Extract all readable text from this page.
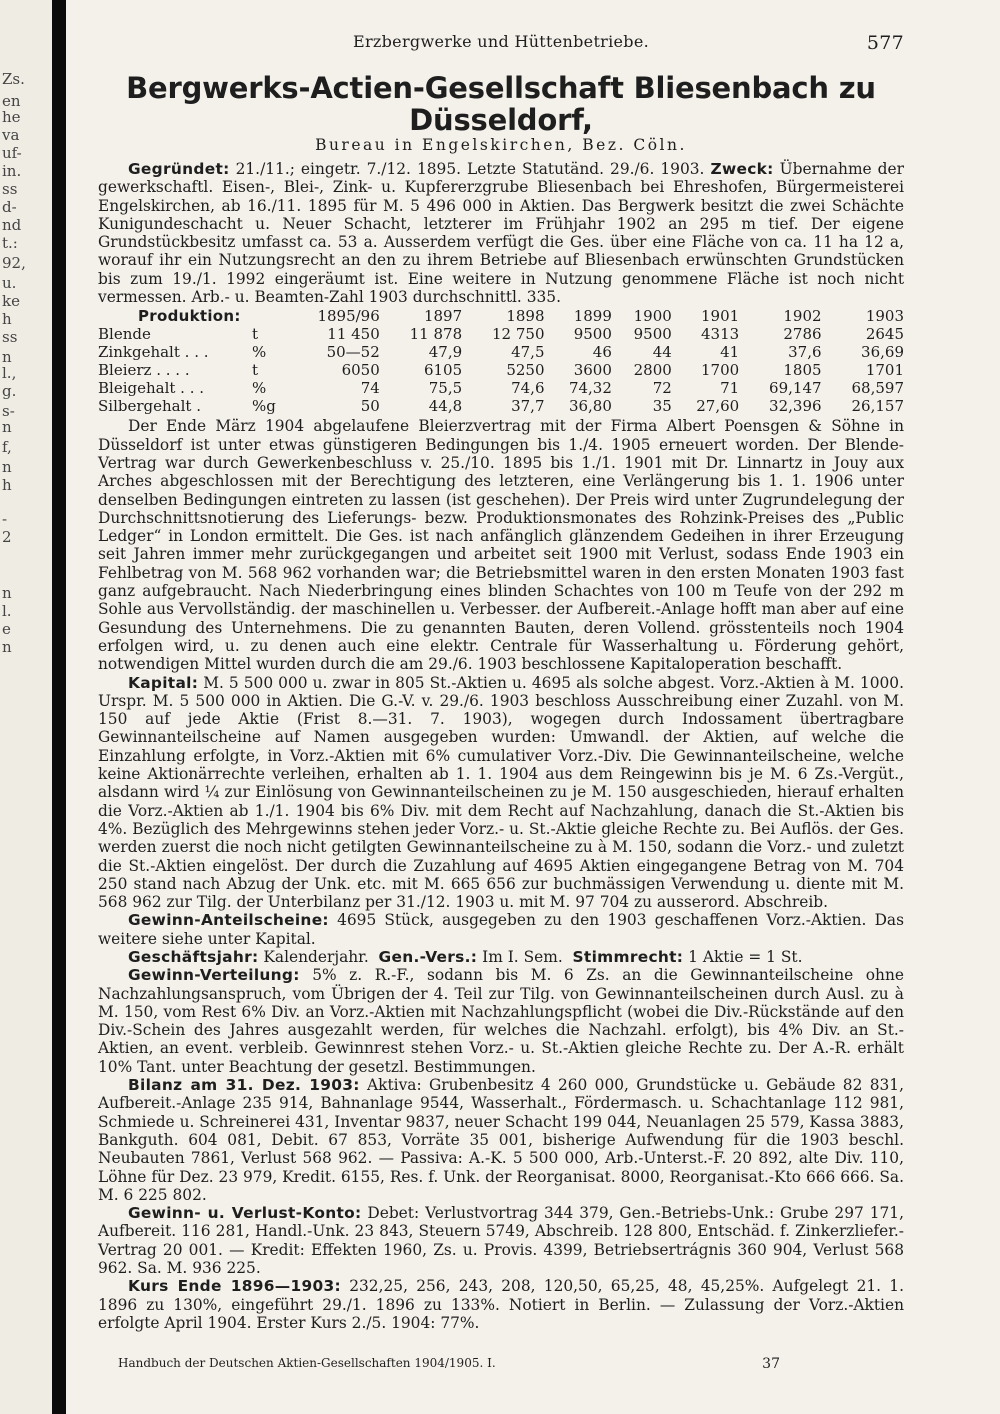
Zs.
en
he
va
uf-
in.
ss
d-
nd
t.:
92,
u.
ke
h
ss
n
l.,
g.
s-
n
f,
n
h
-
2
n
l.
e
n
Erzbergwerke und Hüttenbetriebe.	577
Bergwerks-Actien-Gesellschaft Bliesenbach zu Düsseldorf,
Bureau in Engelskirchen, Bez. Cöln.

Gegründet: 21./11.; eingetr. 7./12. 1895. Letzte Statutänd. 29./6. 1903. Zweck: Übernahme der gewerkschaftl. Eisen-, Blei-, Zink- u. Kupfererzgrube Bliesenbach bei Ehreshofen, Bürgermeisterei Engelskirchen, ab 16./11. 1895 für M. 5 496 000 in Aktien. Das Bergwerk besitzt die zwei Schächte Kunigundeschacht u. Neuer Schacht, letzterer im Frühjahr 1902 an 295 m tief. Der eigene Grundstückbesitz umfasst ca. 53 a. Ausserdem verfügt die Ges. über eine Fläche von ca. 11 ha 12 a, worauf ihr ein Nutzungsrecht an den zu ihrem Betriebe auf Bliesenbach erwünschten Grundstücken bis zum 19./1. 1992 eingeräumt ist. Eine weitere in Nutzung genommene Fläche ist noch nicht vermessen. Arb.- u. Beamten-Zahl 1903 durchschnittl. 335.

Produktion:		1895/96	1897	1898	1899	1900	1901	1902	1903
Blende	t	11 450	11 878	12 750	9500	9500	4313	2786	2645
Zinkgehalt . . .	%	50—52	47,9	47,5	46	44	41	37,6	36,69
Bleierz . . . .	t	6050	6105	5250	3600	2800	1700	1805	1701
Bleigehalt . . .	%	74	75,5	74,6	74,32	72	71	69,147	68,597
Silbergehalt .	%g	50	44,8	37,7	36,80	35	27,60	32,396	26,157

Der Ende März 1904 abgelaufene Bleierzvertrag mit der Firma Albert Poensgen & Söhne in Düsseldorf ist unter etwas günstigeren Bedingungen bis 1./4. 1905 erneuert worden. Der Blende-Vertrag war durch Gewerkenbeschluss v. 25./10. 1895 bis 1./1. 1901 mit Dr. Linnartz in Jouy aux Arches abgeschlossen mit der Berechtigung des letzteren, eine Verlängerung bis 1. 1. 1906 unter denselben Bedingungen eintreten zu lassen (ist geschehen). Der Preis wird unter Zugrundelegung der Durchschnittsnotierung des Lieferungs- bezw. Produktionsmonates des Rohzink-Preises des „Public Ledger“ in London ermittelt. Die Ges. ist nach anfänglich glänzendem Gedeihen in ihrer Erzeugung seit Jahren immer mehr zurückgegangen und arbeitet seit 1900 mit Verlust, sodass Ende 1903 ein Fehlbetrag von M. 568 962 vorhanden war; die Betriebsmittel waren in den ersten Monaten 1903 fast ganz aufgebraucht. Nach Niederbringung eines blinden Schachtes von 100 m Teufe von der 292 m Sohle aus Vervollständig. der maschinellen u. Verbesser. der Aufbereit.-Anlage hofft man aber auf eine Gesundung des Unternehmens. Die zu genannten Bauten, deren Vollend. grösstenteils noch 1904 erfolgen wird, u. zu denen auch eine elektr. Centrale für Wasserhaltung u. Förderung gehört, notwendigen Mittel wurden durch die am 29./6. 1903 beschlossene Kapitaloperation beschafft.

Kapital: M. 5 500 000 u. zwar in 805 St.-Aktien u. 4695 als solche abgest. Vorz.-Aktien à M. 1000. Urspr. M. 5 500 000 in Aktien. Die G.-V. v. 29./6. 1903 beschloss Ausschreibung einer Zuzahl. von M. 150 auf jede Aktie (Frist 8.—31. 7. 1903), wogegen durch Indossament übertragbare Gewinnanteilscheine auf Namen ausgegeben wurden: Umwandl. der Aktien, auf welche die Einzahlung erfolgte, in Vorz.-Aktien mit 6% cumulativer Vorz.-Div. Die Gewinnanteilscheine, welche keine Aktionärrechte verleihen, erhalten ab 1. 1. 1904 aus dem Reingewinn bis je M. 6 Zs.-Vergüt., alsdann wird ¼ zur Einlösung von Gewinnanteilscheinen zu je M. 150 ausgeschieden, hierauf erhalten die Vorz.-Aktien ab 1./1. 1904 bis 6% Div. mit dem Recht auf Nachzahlung, danach die St.-Aktien bis 4%. Bezüglich des Mehrgewinns stehen jeder Vorz.- u. St.-Aktie gleiche Rechte zu. Bei Auflös. der Ges. werden zuerst die noch nicht getilgten Gewinnanteilscheine zu à M. 150, sodann die Vorz.- und zuletzt die St.-Aktien eingelöst. Der durch die Zuzahlung auf 4695 Aktien eingegangene Betrag von M. 704 250 stand nach Abzug der Unk. etc. mit M. 665 656 zur buchmässigen Verwendung u. diente mit M. 568 962 zur Tilg. der Unterbilanz per 31./12. 1903 u. mit M. 97 704 zu ausserord. Abschreib.

Gewinn-Anteilscheine: 4695 Stück, ausgegeben zu den 1903 geschaffenen Vorz.-Aktien. Das weitere siehe unter Kapital.

Geschäftsjahr: Kalenderjahr. Gen.-Vers.: Im I. Sem. Stimmrecht: 1 Aktie = 1 St.

Gewinn-Verteilung: 5% z. R.-F., sodann bis M. 6 Zs. an die Gewinnanteilscheine ohne Nachzahlungsanspruch, vom Übrigen der 4. Teil zur Tilg. von Gewinnanteilscheinen durch Ausl. zu à M. 150, vom Rest 6% Div. an Vorz.-Aktien mit Nachzahlungspflicht (wobei die Div.-Rückstände auf den Div.-Schein des Jahres ausgezahlt werden, für welches die Nachzahl. erfolgt), bis 4% Div. an St.-Aktien, an event. verbleib. Gewinnrest stehen Vorz.- u. St.-Aktien gleiche Rechte zu. Der A.-R. erhält 10% Tant. unter Beachtung der gesetzl. Bestimmungen.

Bilanz am 31. Dez. 1903: Aktiva: Grubenbesitz 4 260 000, Grundstücke u. Gebäude 82 831, Aufbereit.-Anlage 235 914, Bahnanlage 9544, Wasserhalt., Fördermasch. u. Schachtanlage 112 981, Schmiede u. Schreinerei 431, Inventar 9837, neuer Schacht 199 044, Neuanlagen 25 579, Kassa 3883, Bankguth. 604 081, Debit. 67 853, Vorräte 35 001, bisherige Aufwendung für die 1903 beschl. Neubauten 7861, Verlust 568 962. — Passiva: A.-K. 5 500 000, Arb.-Unterst.-F. 20 892, alte Div. 110, Löhne für Dez. 23 979, Kredit. 6155, Res. f. Unk. der Reorganisat. 8000, Reorganisat.-Kto 666 666. Sa. M. 6 225 802.

Gewinn- u. Verlust-Konto: Debet: Verlustvortrag 344 379, Gen.-Betriebs-Unk.: Grube 297 171, Aufbereit. 116 281, Handl.-Unk. 23 843, Steuern 5749, Abschreib. 128 800, Entschäd. f. Zinkerzliefer.-Vertrag 20 001. — Kredit: Effekten 1960, Zs. u. Provis. 4399, Betriebsertrágnis 360 904, Verlust 568 962. Sa. M. 936 225.

Kurs Ende 1896—1903: 232,25, 256, 243, 208, 120,50, 65,25, 48, 45,25%. Aufgelegt 21. 1. 1896 zu 130%, eingeführt 29./1. 1896 zu 133%. Notiert in Berlin. — Zulassung der Vorz.-Aktien erfolgte April 1904. Erster Kurs 2./5. 1904: 77%.

Handbuch der Deutschen Aktien-Gesellschaften 1904/1905. I.	37
